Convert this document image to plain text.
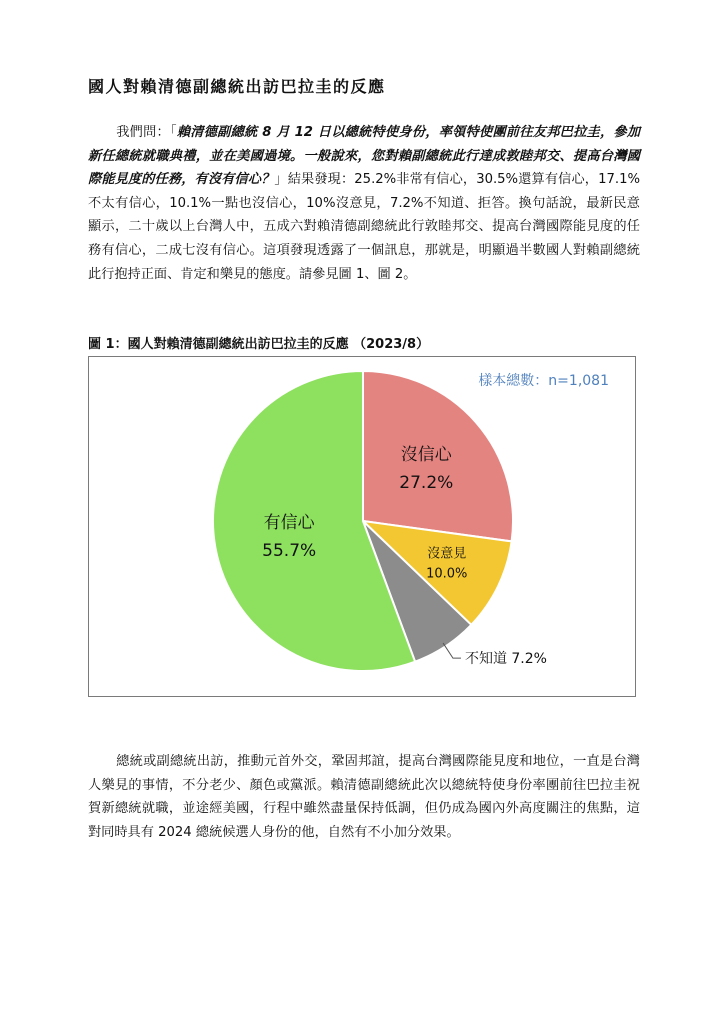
國人對賴清德副總統出訪巴拉圭的反應

我們問：「賴清德副總統 8 月 12 日以總統特使身份，率領特使團前往友邦巴拉圭，參加新任總統就職典禮，並在美國過境。一般說來，您對賴副總統此行達成敦睦邦交、提高台灣國際能見度的任務，有沒有信心？」結果發現：25.2%非常有信心，30.5%還算有信心，17.1%不太有信心，10.1%一點也沒信心，10%沒意見，7.2%不知道、拒答。換句話說，最新民意顯示，二十歲以上台灣人中，五成六對賴清德副總統此行敦睦邦交、提高台灣國際能見度的任務有信心，二成七沒有信心。這項發現透露了一個訊息，那就是，明顯過半數國人對賴副總統此行抱持正面、肯定和樂見的態度。請參見圖 1、圖 2。

圖 1：國人對賴清德副總統出訪巴拉圭的反應 （2023/8）

樣本總數：n=1,081
沒信心
27.2%
沒意見
10.0%
不知道 7.2%
有信心
55.7%

總統或副總統出訪，推動元首外交，鞏固邦誼，提高台灣國際能見度和地位，一直是台灣人樂見的事情，不分老少、顏色或黨派。賴清德副總統此次以總統特使身份率團前往巴拉圭祝賀新總統就職，並途經美國，行程中雖然盡量保持低調，但仍成為國內外高度關注的焦點，這對同時具有 2024 總統候選人身份的他，自然有不小加分效果。
